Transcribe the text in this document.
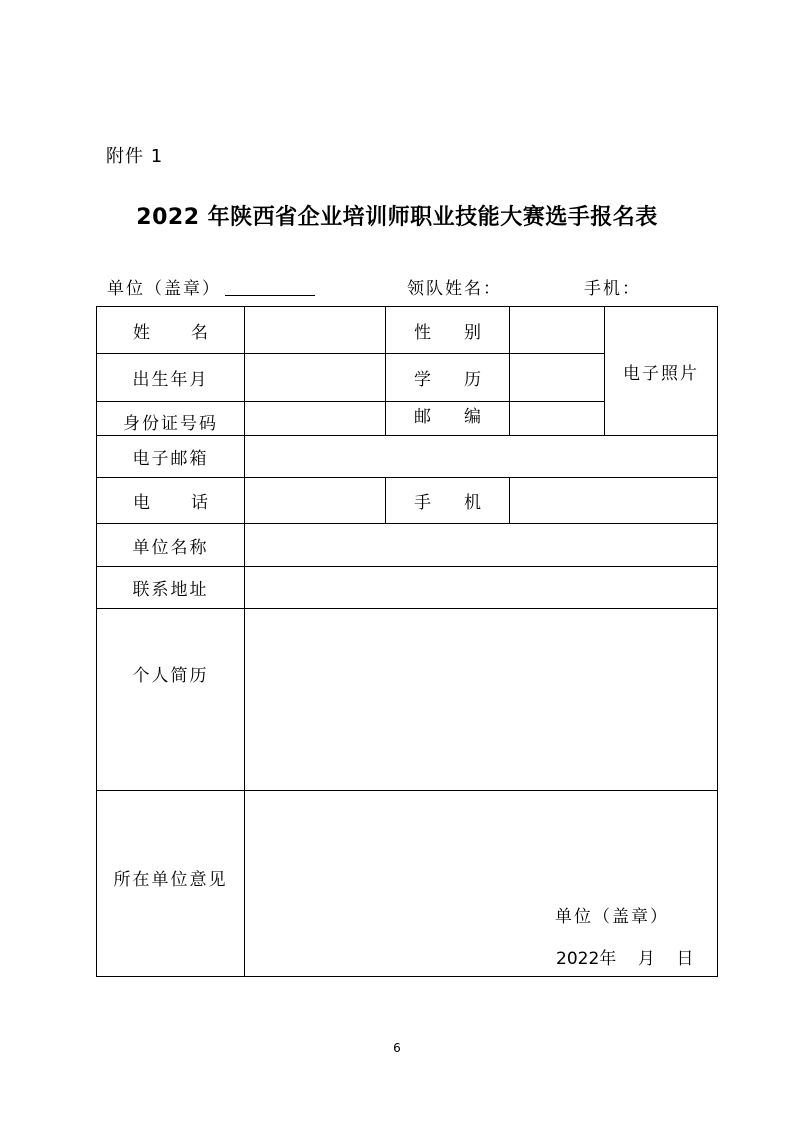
附件 1
2022 年陕西省企业培训师职业技能大赛选手报名表
单位（盖章）	领队姓名：	手机：
姓 名	性 别
电子照片
出生年月	学 历
身份证号码	邮 编
电子邮箱
电 话	手 机
单位名称
联系地址
个人简历
所在单位意见
单位（盖章）
2022年    月    日
6
